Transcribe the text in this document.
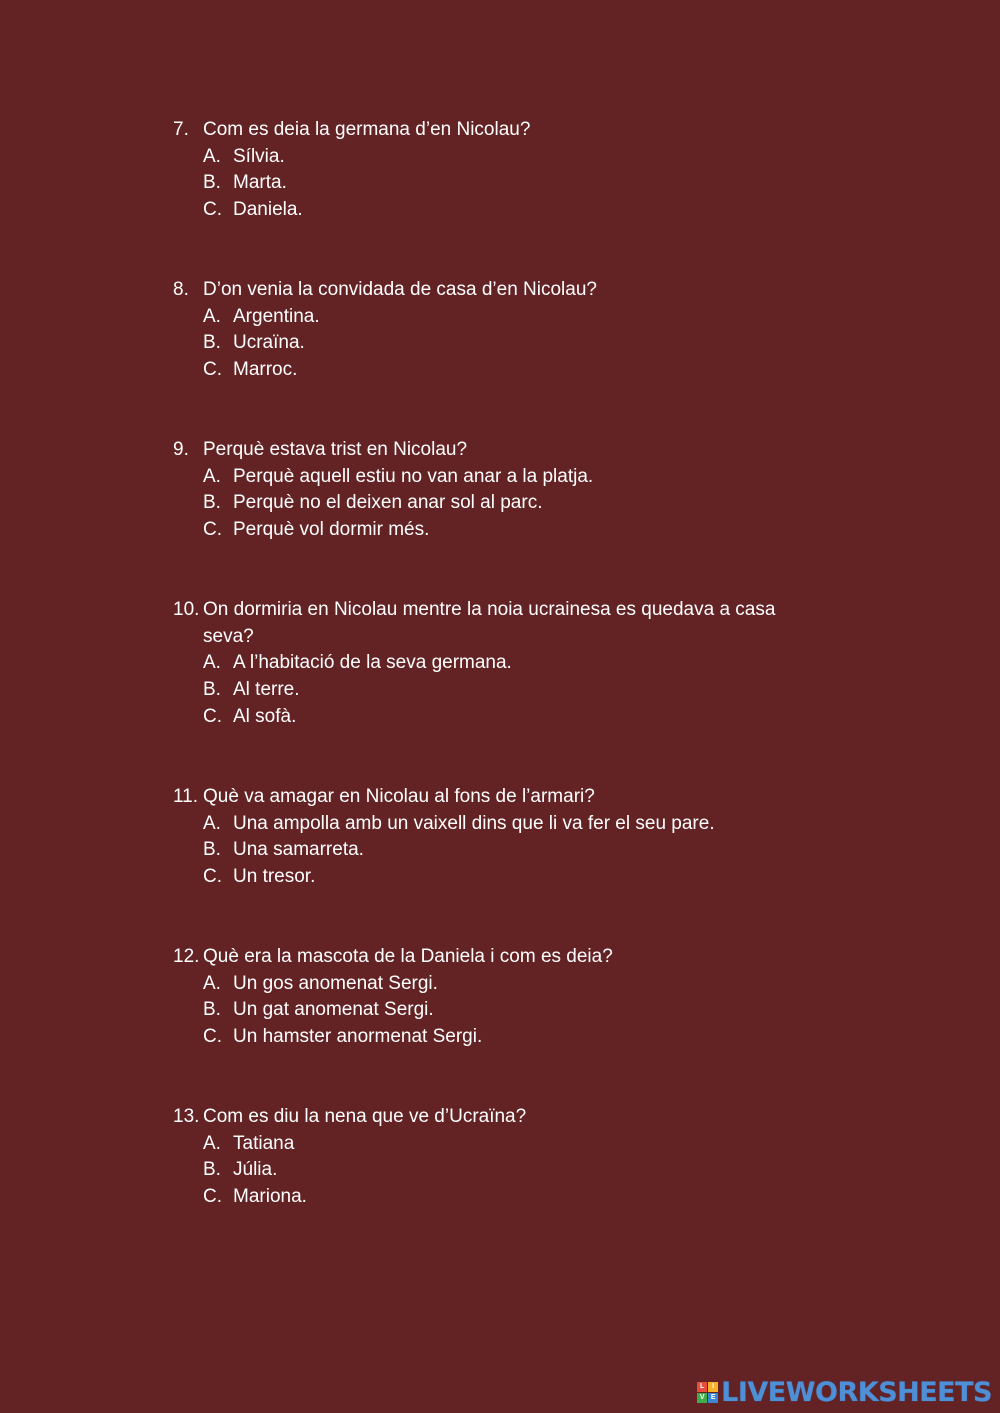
7. Com es deia la germana d’en Nicolau?
A. Sílvia.
B. Marta.
C. Daniela.
8. D’on venia la convidada de casa d’en Nicolau?
A. Argentina.
B. Ucraïna.
C. Marroc.
9. Perquè estava trist en Nicolau?
A. Perquè aquell estiu no van anar a la platja.
B. Perquè no el deixen anar sol al parc.
C. Perquè vol dormir més.
10. On dormiria en Nicolau mentre la noia ucrainesa es quedava a casa seva?
A. A l’habitació de la seva germana.
B. Al terre.
C. Al sofà.
11. Què va amagar en Nicolau al fons de l’armari?
A. Una ampolla amb un vaixell dins que li va fer el seu pare.
B. Una samarreta.
C. Un tresor.
12. Què era la mascota de la Daniela i com es deia?
A. Un gos anomenat Sergi.
B. Un gat anomenat Sergi.
C. Un hamster anormenat Sergi.
13. Com es diu la nena que ve d’Ucraïna?
A. Tatiana
B. Júlia.
C. Mariona.
L	I
V E LIVEWORKSHEETS
